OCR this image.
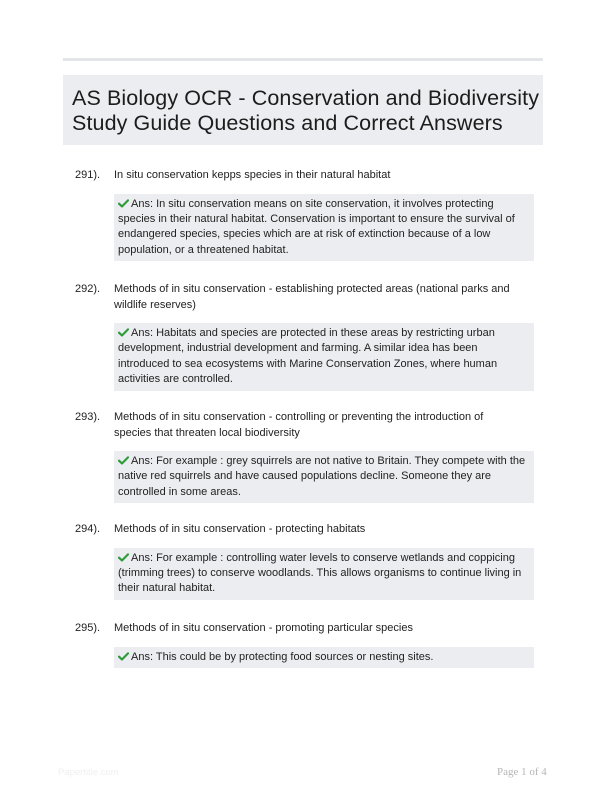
AS Biology OCR - Conservation and Biodiversity
Study Guide Questions and Correct Answers
291). In situ conservation kepps species in their natural habitat
Ans: In situ conservation means on site conservation, it involves protecting species in their natural habitat. Conservation is important to ensure the survival of endangered species, species which are at risk of extinction because of a low population, or a threatened habitat.
292). Methods of in situ conservation - establishing protected areas (national parks and wildlife reserves)
Ans: Habitats and species are protected in these areas by restricting urban development, industrial development and farming. A similar idea has been introduced to sea ecosystems with Marine Conservation Zones, where human activities are controlled.
293). Methods of in situ conservation - controlling or preventing the introduction of species that threaten local biodiversity
Ans: For example : grey squirrels are not native to Britain. They compete with the native red squirrels and have caused populations decline. Someone they are controlled in some areas.
294). Methods of in situ conservation - protecting habitats
Ans: For example : controlling water levels to conserve wetlands and coppicing (trimming trees) to conserve woodlands. This allows organisms to continue living in their natural habitat.
295). Methods of in situ conservation - promoting particular species
Ans: This could be by protecting food sources or nesting sites.
Papertitle.com	Page 1 of 4
